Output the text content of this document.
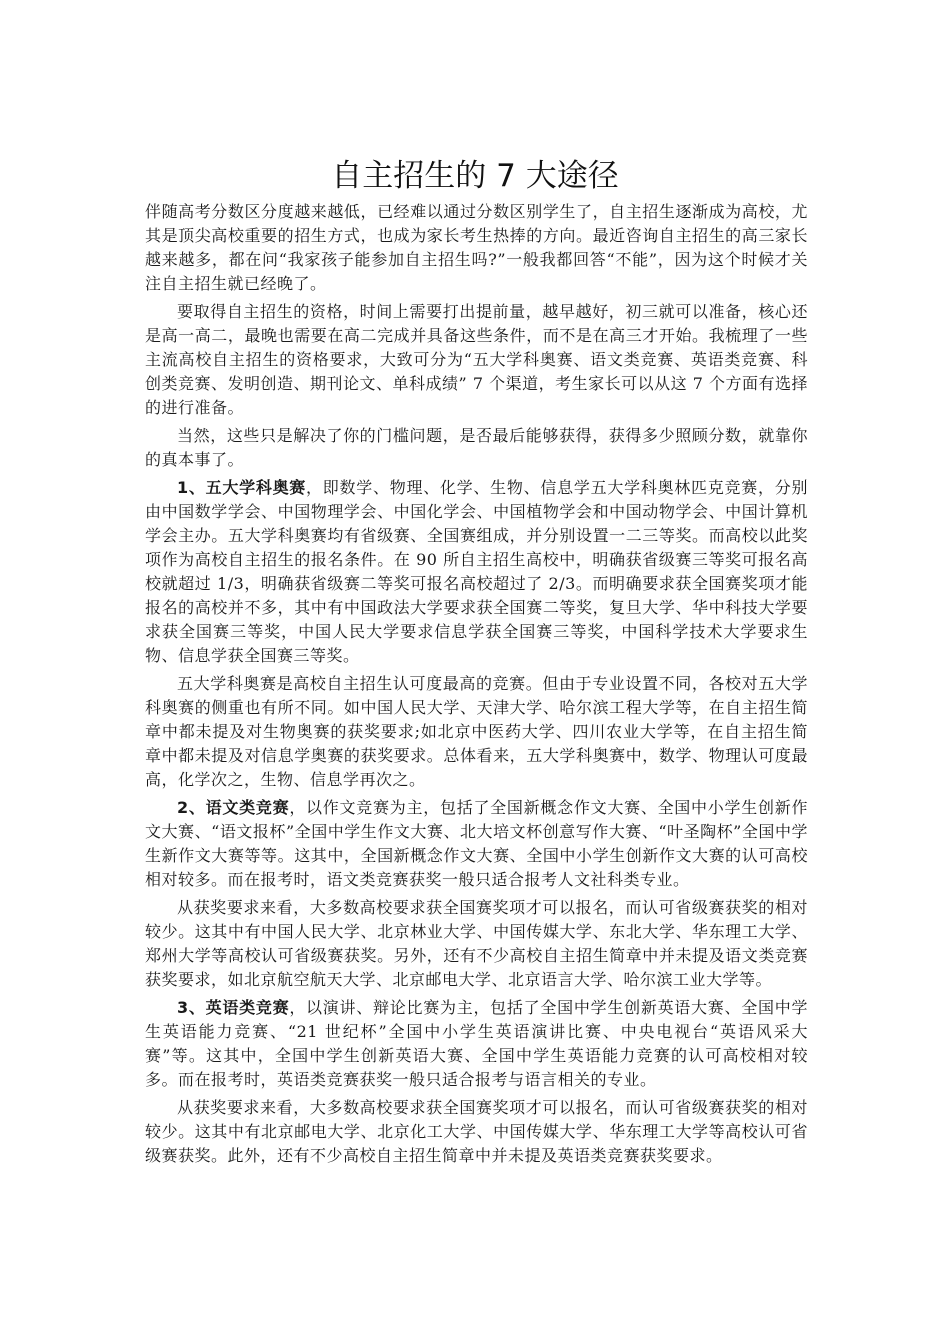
自主招生的 7 大途径

伴随高考分数区分度越来越低，已经难以通过分数区别学生了，自主招生逐渐成为高校，尤其是顶尖高校重要的招生方式，也成为家长考生热捧的方向。最近咨询自主招生的高三家长越来越多，都在问“我家孩子能参加自主招生吗?”一般我都回答“不能”，因为这个时候才关注自主招生就已经晚了。

要取得自主招生的资格，时间上需要打出提前量，越早越好，初三就可以准备，核心还是高一高二，最晚也需要在高二完成并具备这些条件，而不是在高三才开始。我梳理了一些主流高校自主招生的资格要求，大致可分为“五大学科奥赛、语文类竞赛、英语类竞赛、科创类竞赛、发明创造、期刊论文、单科成绩” 7 个渠道，考生家长可以从这 7 个方面有选择的进行准备。

当然，这些只是解决了你的门槛问题，是否最后能够获得，获得多少照顾分数，就靠你的真本事了。

1、五大学科奥赛，即数学、物理、化学、生物、信息学五大学科奥林匹克竞赛，分别由中国数学学会、中国物理学会、中国化学会、中国植物学会和中国动物学会、中国计算机学会主办。五大学科奥赛均有省级赛、全国赛组成，并分别设置一二三等奖。而高校以此奖项作为高校自主招生的报名条件。在 90 所自主招生高校中，明确获省级赛三等奖可报名高校就超过 1/3，明确获省级赛二等奖可报名高校超过了 2/3。而明确要求获全国赛奖项才能报名的高校并不多，其中有中国政法大学要求获全国赛二等奖，复旦大学、华中科技大学要求获全国赛三等奖，中国人民大学要求信息学获全国赛三等奖，中国科学技术大学要求生物、信息学获全国赛三等奖。

五大学科奥赛是高校自主招生认可度最高的竞赛。但由于专业设置不同，各校对五大学科奥赛的侧重也有所不同。如中国人民大学、天津大学、哈尔滨工程大学等，在自主招生简章中都未提及对生物奥赛的获奖要求;如北京中医药大学、四川农业大学等，在自主招生简章中都未提及对信息学奥赛的获奖要求。总体看来，五大学科奥赛中，数学、物理认可度最高，化学次之，生物、信息学再次之。

2、语文类竞赛，以作文竞赛为主，包括了全国新概念作文大赛、全国中小学生创新作文大赛、“语文报杯”全国中学生作文大赛、北大培文杯创意写作大赛、“叶圣陶杯”全国中学生新作文大赛等等。这其中，全国新概念作文大赛、全国中小学生创新作文大赛的认可高校相对较多。而在报考时，语文类竞赛获奖一般只适合报考人文社科类专业。

从获奖要求来看，大多数高校要求获全国赛奖项才可以报名，而认可省级赛获奖的相对较少。这其中有中国人民大学、北京林业大学、中国传媒大学、东北大学、华东理工大学、郑州大学等高校认可省级赛获奖。另外，还有不少高校自主招生简章中并未提及语文类竞赛获奖要求，如北京航空航天大学、北京邮电大学、北京语言大学、哈尔滨工业大学等。

3、英语类竞赛，以演讲、辩论比赛为主，包括了全国中学生创新英语大赛、全国中学生英语能力竞赛、“21 世纪杯”全国中小学生英语演讲比赛、中央电视台“英语风采大赛”等。这其中，全国中学生创新英语大赛、全国中学生英语能力竞赛的认可高校相对较多。而在报考时，英语类竞赛获奖一般只适合报考与语言相关的专业。

从获奖要求来看，大多数高校要求获全国赛奖项才可以报名，而认可省级赛获奖的相对较少。这其中有北京邮电大学、北京化工大学、中国传媒大学、华东理工大学等高校认可省级赛获奖。此外，还有不少高校自主招生简章中并未提及英语类竞赛获奖要求。
